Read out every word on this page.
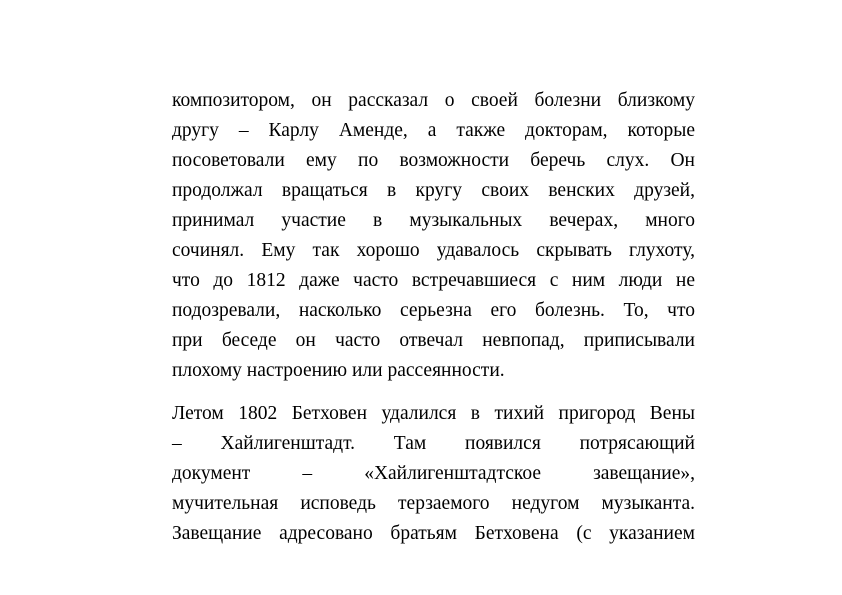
композитором, он рассказал о своей болезни близкому
другу – Карлу Аменде, а также докторам, которые
посоветовали ему по возможности беречь слух. Он
продолжал вращаться в кругу своих венских друзей,
принимал участие в музыкальных вечерах, много
сочинял. Ему так хорошо удавалось скрывать глухоту,
что до 1812 даже часто встречавшиеся с ним люди не
подозревали, насколько серьезна его болезнь. То, что
при беседе он часто отвечал невпопад, приписывали
плохому настроению или рассеянности.
Летом 1802 Бетховен удалился в тихий пригород Вены
– Хайлигенштадт. Там появился потрясающий
документ – «Хайлигенштадтское завещание»,
мучительная исповедь терзаемого недугом музыканта.
Завещание адресовано братьям Бетховена (с указанием
